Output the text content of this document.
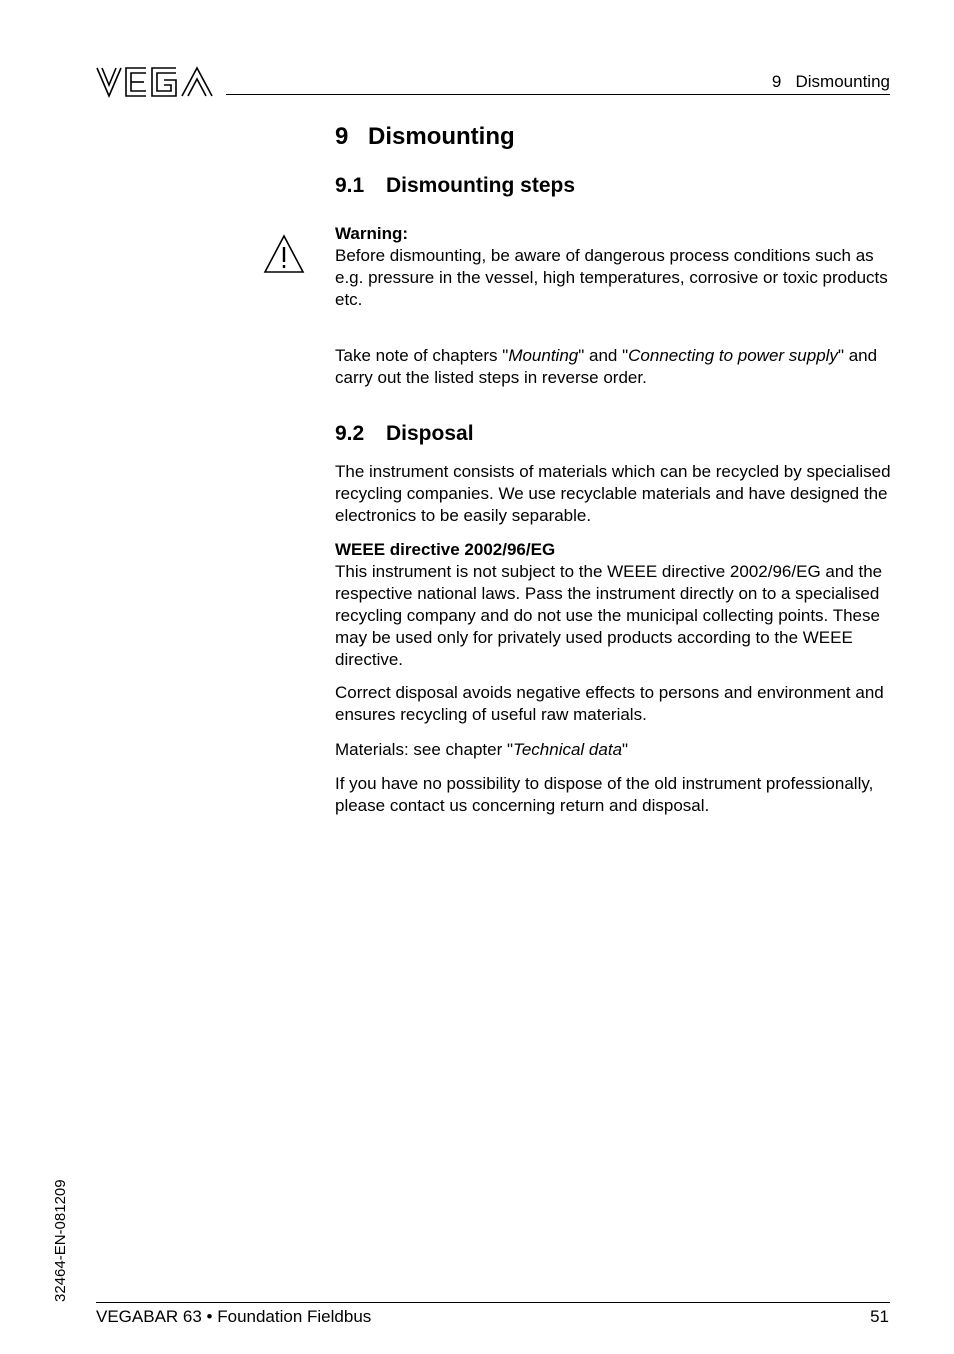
9   Dismounting
9 Dismounting
9.1 Dismounting steps

Warning:

Before dismounting, be aware of dangerous process conditions such as e.g. pressure in the vessel, high temperatures, corrosive or toxic products etc.

Take note of chapters "Mounting" and "Connecting to power supply" and carry out the listed steps in reverse order.

9.2 Disposal

The instrument consists of materials which can be recycled by specialised recycling companies. We use recyclable materials and have designed the electronics to be easily separable.

WEEE directive 2002/96/EG

This instrument is not subject to the WEEE directive 2002/96/EG and the respective national laws. Pass the instrument directly on to a specialised recycling company and do not use the municipal collecting points. These may be used only for privately used products according to the WEEE directive.

Correct disposal avoids negative effects to persons and environment and ensures recycling of useful raw materials.

Materials: see chapter "Technical data"

If you have no possibility to dispose of the old instrument professionally, please contact us concerning return and disposal.

32464-EN-081209
VEGABAR 63 • Foundation Fieldbus	51
